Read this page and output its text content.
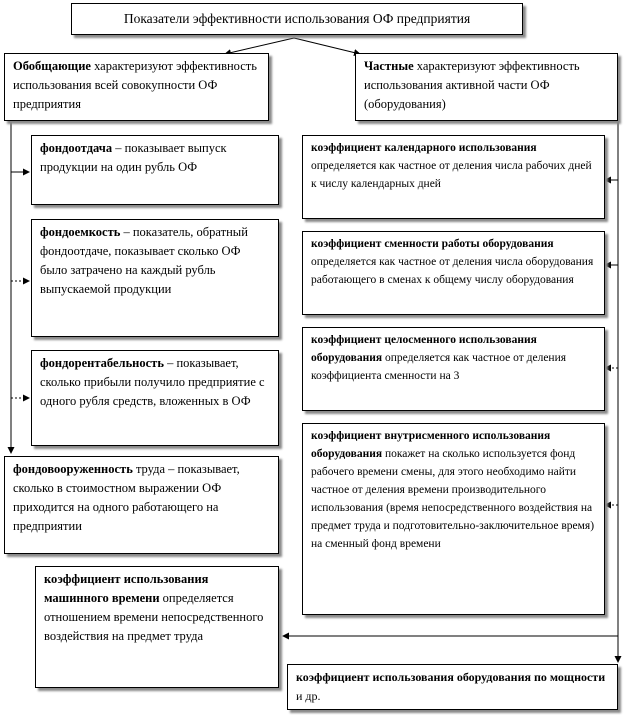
Показатели эффективности использования ОФ предприятия
Обобщающие характеризуют эффективность использования всей совокупности ОФ предприятия
Частные характеризуют эффективность использования активной части ОФ (оборудования)
фондоотдача – показывает выпуск продукции на один рубль ОФ
фондоемкость – показатель, обратный фондоотдаче, показывает сколько ОФ было затрачено на каждый рубль выпускаемой продукции
фондорентабельность – показывает, сколько прибыли получило предприятие с одного рубля средств, вложенных в ОФ
фондовооруженность труда – показывает, сколько в стоимостном выражении ОФ приходится на одного работающего на предприятии
коэффициент использования машинного времени определяется отношением времени непосредственного воздействия на предмет труда
коэффициент календарного использования определяется как частное от деления числа рабочих дней к числу календарных дней
коэффициент сменности работы оборудования определяется как частное от деления числа оборудования работающего в сменах к общему числу оборудования
коэффициент целосменного использования оборудования определяется как частное от деления коэффициента сменности на 3
коэффициент внутрисменного использования оборудования покажет на сколько используется фонд рабочего времени смены, для этого необходимо найти частное от деления времени производительного использования (время непосредственного воздействия на предмет труда и подготовительно-заключительное время) на сменный фонд времени
коэффициент использования оборудования по мощности и др.
